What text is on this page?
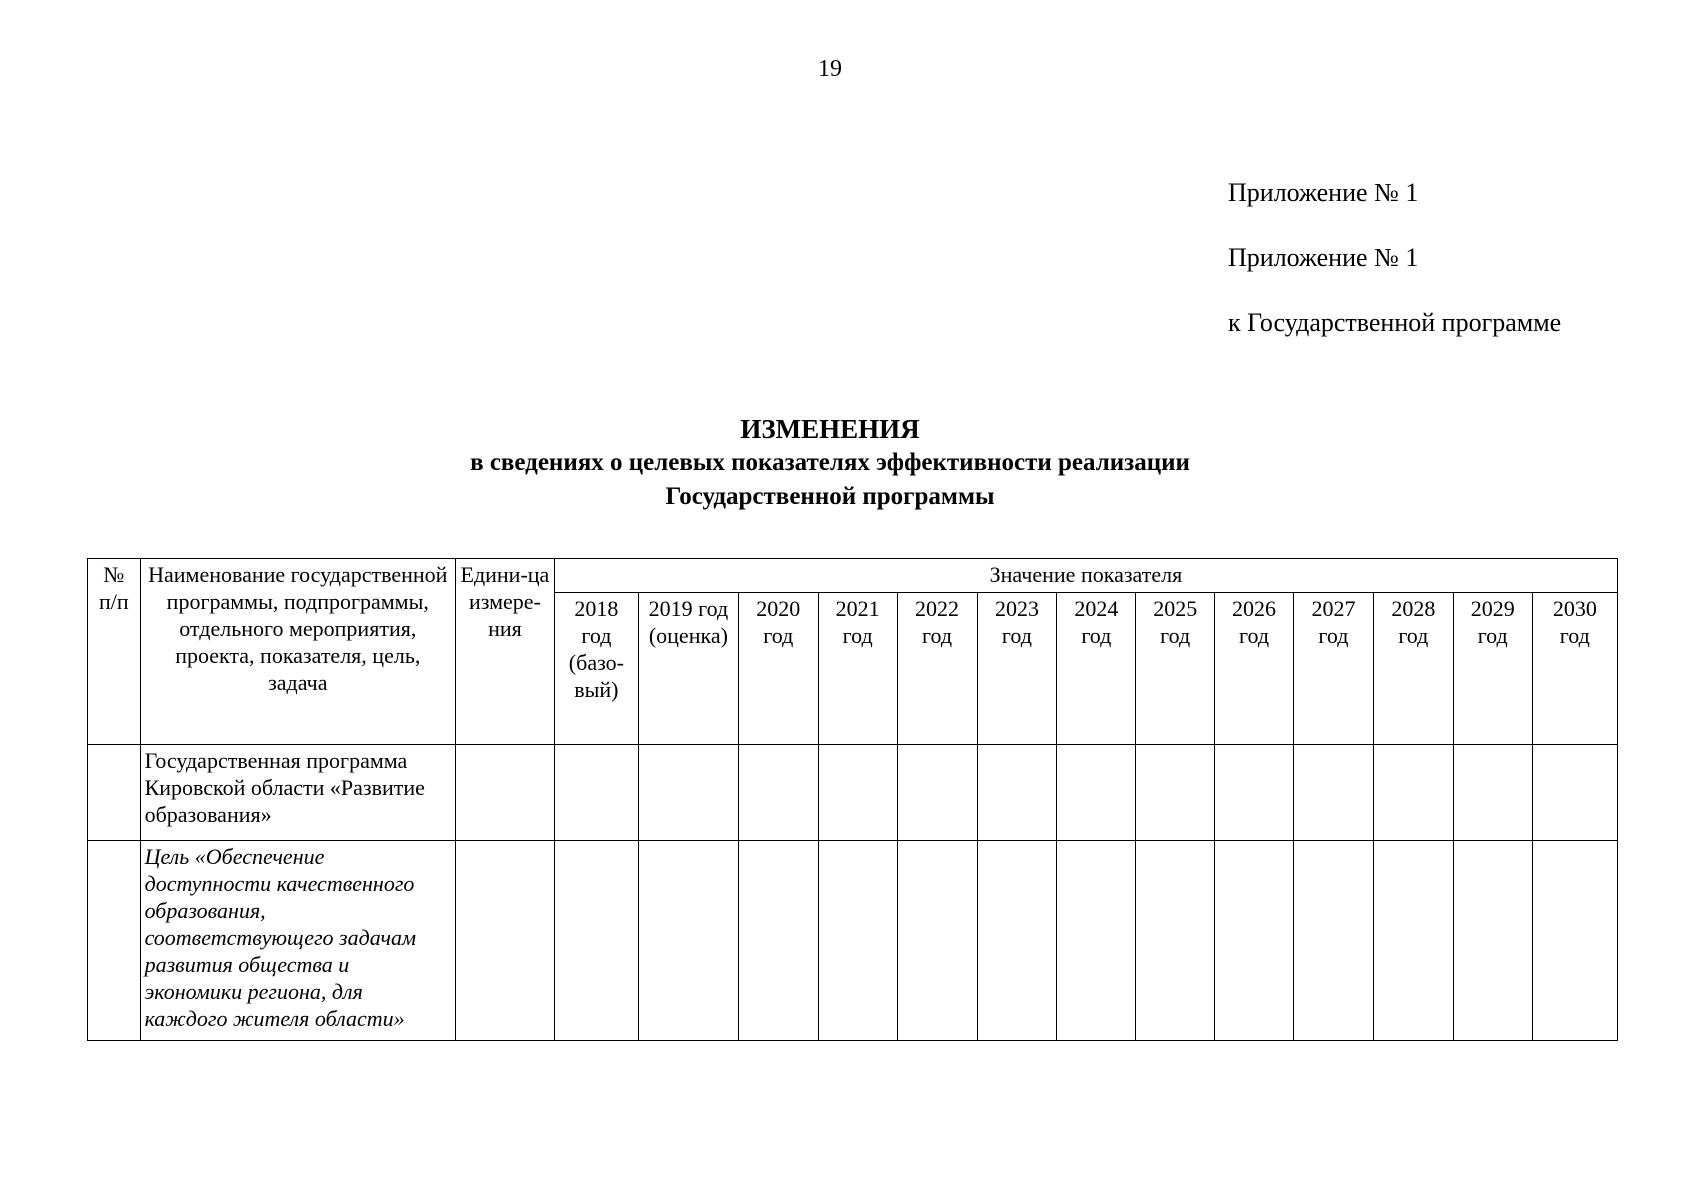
19
Приложение № 1
Приложение № 1
к Государственной программе
ИЗМЕНЕНИЯ
в сведениях о целевых показателях эффективности реализации
Государственной программы
№ п/п	Наименование государственной программы, подпрограммы, отдельного мероприятия, проекта, показателя, цель, задача	Едини-ца измере-ния	Значение показателя												
			2018 год (базо-вый)	2019 год (оценка)	2020 год	2021 год	2022 год	2023 год	2024 год	2025 год	2026 год	2027 год	2028 год	2029 год	2030 год
	Государственная программа Кировской области «Развитие образования»														
	Цель «Обеспечение доступности качественного образования, соответствующего задачам развития общества и экономики региона, для каждого жителя области»														
